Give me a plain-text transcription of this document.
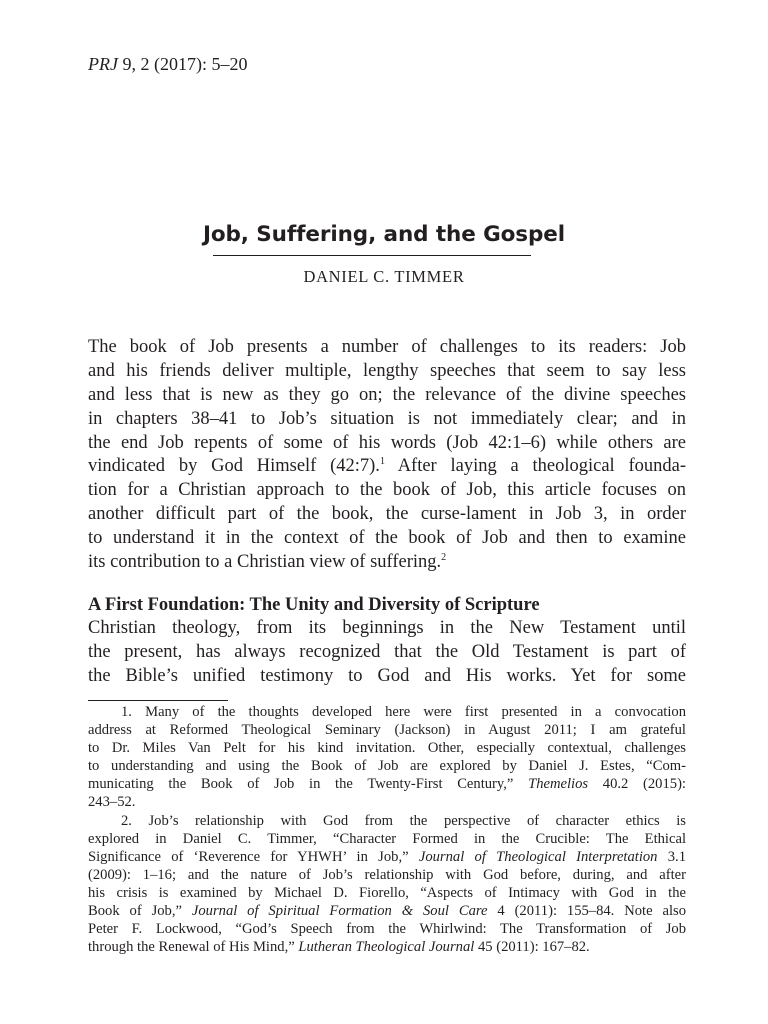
PRJ 9, 2 (2017): 5–20
Job, Suffering, and the Gospel
DANIEL C. TIMMER
The book of Job presents a number of challenges to its readers: Job
and his friends deliver multiple, lengthy speeches that seem to say less
and less that is new as they go on; the relevance of the divine speeches
in chapters 38–41 to Job’s situation is not immediately clear; and in
the end Job repents of some of his words (Job 42:1–6) while others are
vindicated by God Himself (42:7).$^1$ After laying a theological founda-
tion for a Christian approach to the book of Job, this article focuses on
another difficult part of the book, the curse-lament in Job 3, in order
to understand it in the context of the book of Job and then to examine
its contribution to a Christian view of suffering.$^2$
A First Foundation: The Unity and Diversity of Scripture
Christian theology, from its beginnings in the New Testament until
the present, has always recognized that the Old Testament is part of
the Bible’s unified testimony to God and His works. Yet for some
1. Many of the thoughts developed here were first presented in a convocation
address at Reformed Theological Seminary (Jackson) in August 2011; I am grateful
to Dr. Miles Van Pelt for his kind invitation. Other, especially contextual, challenges
to understanding and using the Book of Job are explored by Daniel J. Estes, “Com-
municating the Book of Job in the Twenty-First Century,” Themelios 40.2 (2015):
243–52.
2. Job’s relationship with God from the perspective of character ethics is
explored in Daniel C. Timmer, “Character Formed in the Crucible: The Ethical
Significance of ‘Reverence for YHWH’ in Job,” Journal of Theological Interpretation 3.1
(2009): 1–16; and the nature of Job’s relationship with God before, during, and after
his crisis is examined by Michael D. Fiorello, “Aspects of Intimacy with God in the
Book of Job,” Journal of Spiritual Formation & Soul Care 4 (2011): 155–84. Note also
Peter F. Lockwood, “God’s Speech from the Whirlwind: The Transformation of Job
through the Renewal of His Mind,” Lutheran Theological Journal 45 (2011): 167–82.
